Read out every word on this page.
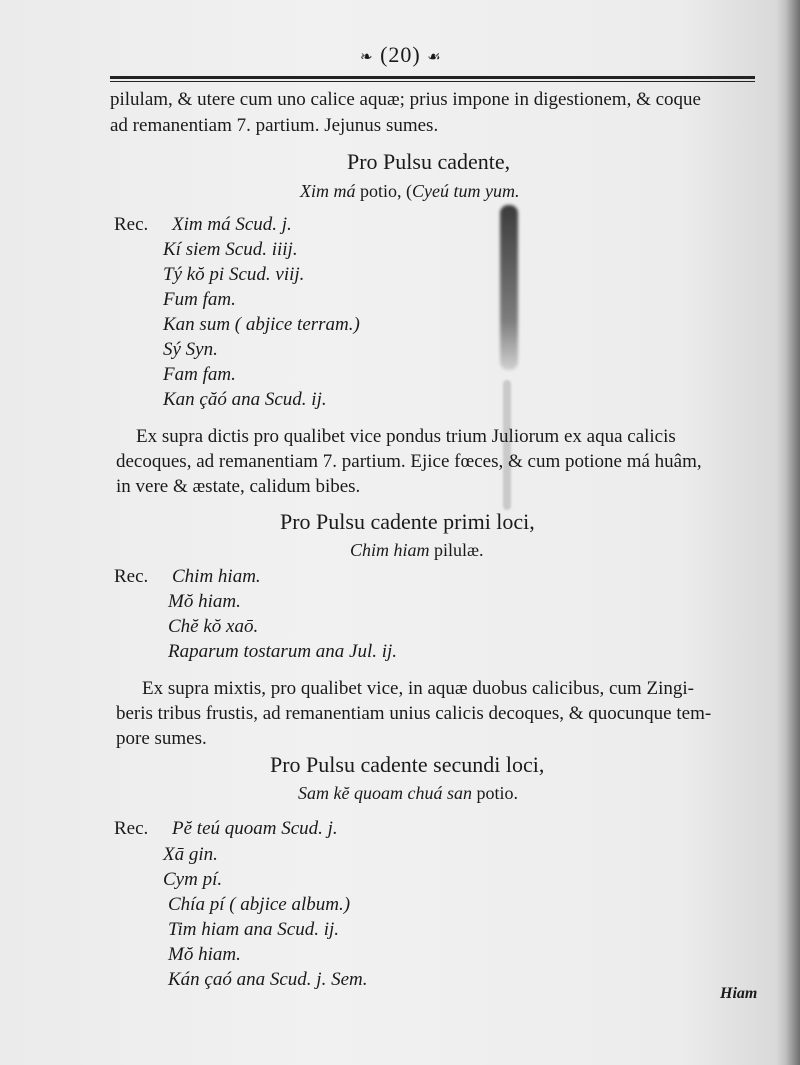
❧ (20) ☙
pilulam, & utere cum uno calice aquæ; prius impone in digestionem, & coque
ad remanentiam 7. partium. Jejunus sumes.
Pro Pulsu cadente,
Xim má potio, (Cyeú tum yum.
Rec. Xim má Scud. j.
Kí siem Scud. iiij.
Tý kŏ pi Scud. viij.
Fum fam.
Kan sum ( abjice terram.)
Sý Syn.
Fam fam.
Kan çăó ana Scud. ij.
Ex supra dictis pro qualibet vice pondus trium Juliorum ex aqua calicis
decoques, ad remanentiam 7. partium. Ejice fœces, & cum potione má huâm,
in vere & æstate, calidum bibes.
Pro Pulsu cadente primi loci,
Chim hiam pilulæ.
Rec. Chim hiam.
Mŏ hiam.
Chĕ kŏ xaō.
Raparum tostarum ana Jul. ij.
Ex supra mixtis, pro qualibet vice, in aquæ duobus calicibus, cum Zingi-
beris tribus frustis, ad remanentiam unius calicis decoques, & quocunque tem-
pore sumes.
Pro Pulsu cadente secundi loci,
Sam kĕ quoam chuá san potio.
Rec. Pĕ teú quoam Scud. j.
Xā gin.
Cym pí.
Chía pí ( abjice album.)
Tim hiam ana Scud. ij.
Mŏ hiam.
Kán çaó ana Scud. j. Sem.
Hiam
